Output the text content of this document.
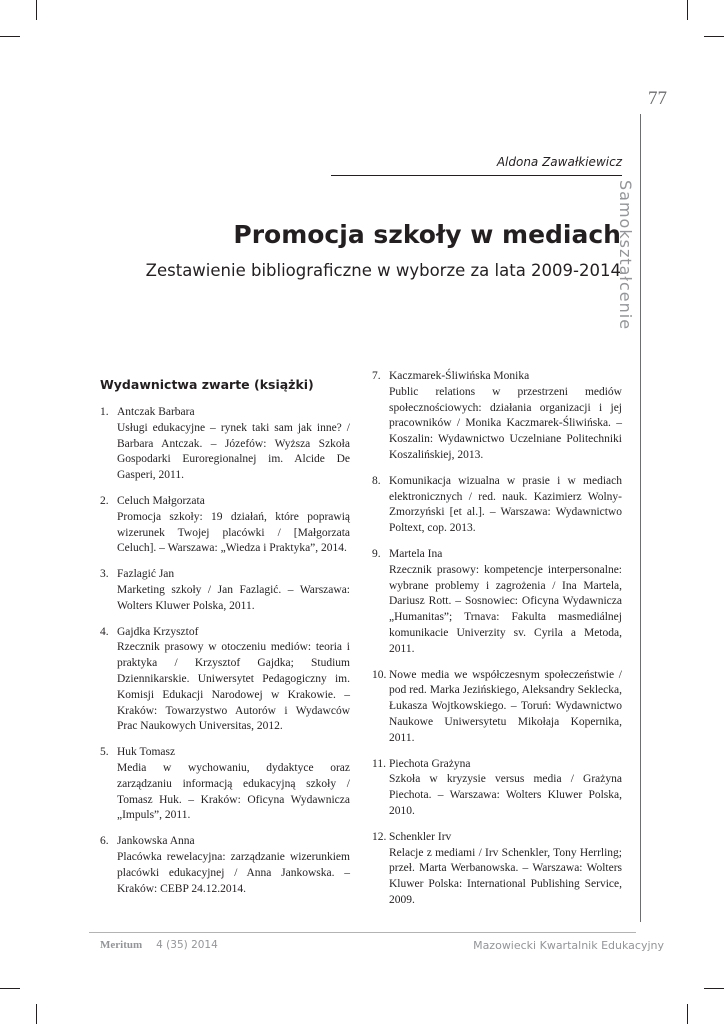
77
Samokształcenie
Aldona Zawałkiewicz
Promocja szkoły w mediach
Zestawienie bibliograficzne w wyborze za lata 2009-2014
Wydawnictwa zwarte (książki)
1. Antczak Barbara
Usługi edukacyjne – rynek taki sam jak inne? / Barbara Antczak. – Józefów: Wyższa Szkoła Gospodarki Euroregionalnej im. Alcide De Gasperi, 2011.
2. Celuch Małgorzata
Promocja szkoły: 19 działań, które poprawią wizerunek Twojej placówki / [Małgorzata Celuch]. – Warszawa: „Wiedza i Praktyka”, 2014.
3. Fazlagić Jan
Marketing szkoły / Jan Fazlagić. – Warszawa: Wolters Kluwer Polska, 2011.
4. Gajdka Krzysztof
Rzecznik prasowy w otoczeniu mediów: teoria i praktyka / Krzysztof Gajdka; Studium Dziennikarskie. Uniwersytet Pedagogiczny im. Komisji Edukacji Narodowej w Krakowie. – Kraków: Towarzystwo Autorów i Wydawców Prac Naukowych Universitas, 2012.
5. Huk Tomasz
Media w wychowaniu, dydaktyce oraz zarządzaniu informacją edukacyjną szkoły / Tomasz Huk. – Kraków: Oficyna Wydawnicza „Impuls”, 2011.
6. Jankowska Anna
Placówka rewelacyjna: zarządzanie wizerunkiem placówki edukacyjnej / Anna Jankowska. – Kraków: CEBP 24.12.2014.
7. Kaczmarek-Śliwińska Monika
Public relations w przestrzeni mediów społecznościowych: działania organizacji i jej pracowników / Monika Kaczmarek-Śliwińska. – Koszalin: Wydawnictwo Uczelniane Politechniki Koszalińskiej, 2013.
8. Komunikacja wizualna w prasie i w mediach elektronicznych / red. nauk. Kazimierz Wolny-Zmorzyński [et al.]. – Warszawa: Wydawnictwo Poltext, cop. 2013.
9. Martela Ina
Rzecznik prasowy: kompetencje interpersonalne: wybrane problemy i zagrożenia / Ina Martela, Dariusz Rott. – Sosnowiec: Oficyna Wydawnicza „Humanitas”; Trnava: Fakulta masmediálnej komunikacie Univerzity sv. Cyrila a Metoda, 2011.
10. Nowe media we współczesnym społeczeństwie / pod red. Marka Jezińskiego, Aleksandry Seklecka, Łukasza Wojtkowskiego. – Toruń: Wydawnictwo Naukowe Uniwersytetu Mikołaja Kopernika, 2011.
11. Piechota Grażyna
Szkoła w kryzysie versus media / Grażyna Piechota. – Warszawa: Wolters Kluwer Polska, 2010.
12. Schenkler Irv
Relacje z mediami / Irv Schenkler, Tony Herrling; przeł. Marta Werbanowska. – Warszawa: Wolters Kluwer Polska: International Publishing Service, 2009.
Meritum 4 (35) 2014	Mazowiecki Kwartalnik Edukacyjny
